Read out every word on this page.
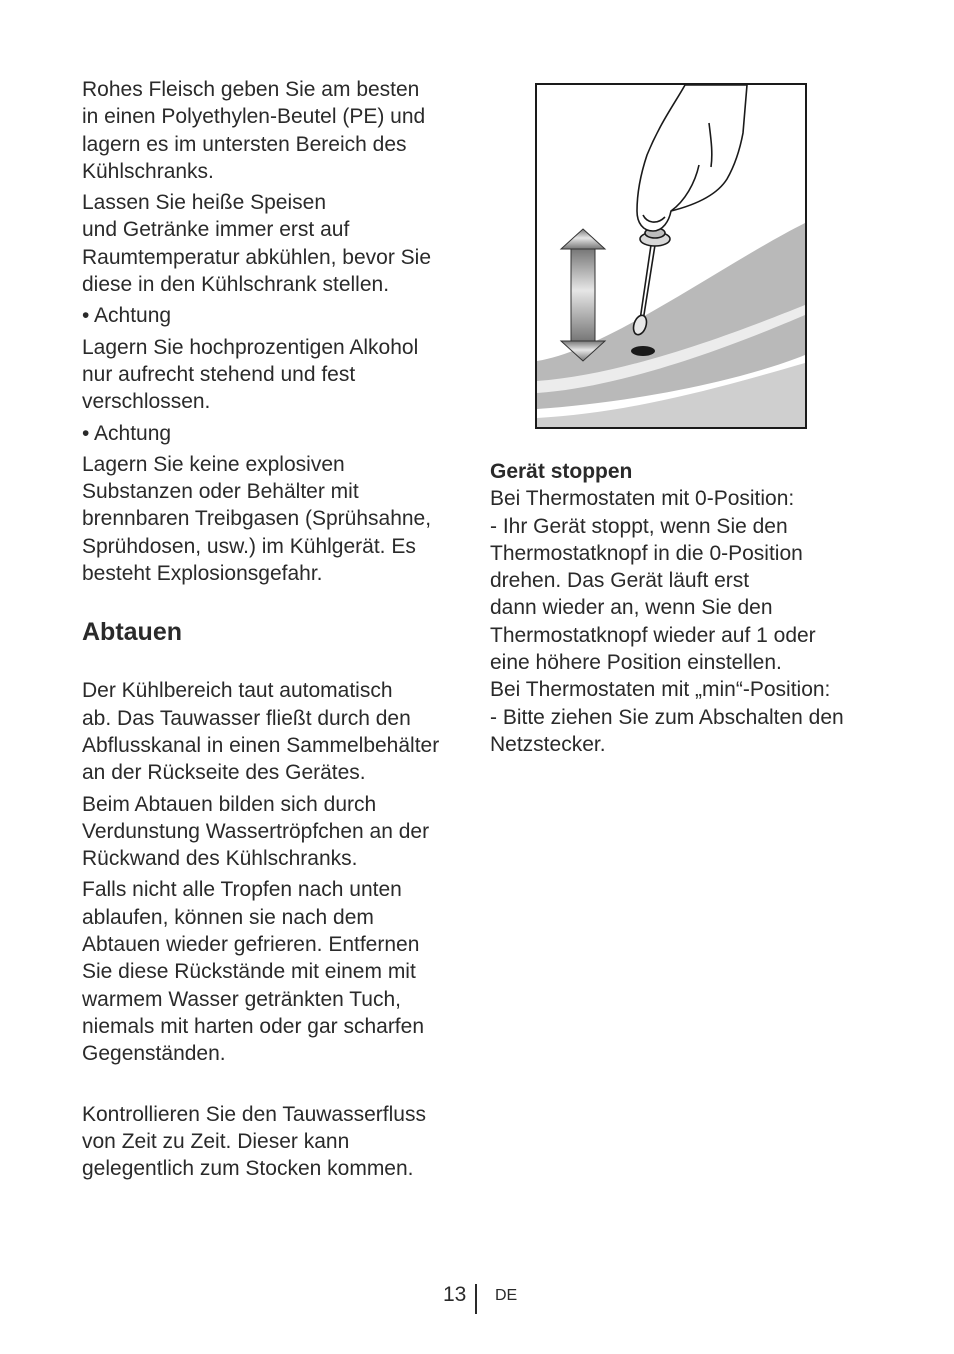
Rohes Fleisch geben Sie am besten
in einen Polyethylen-Beutel (PE) und
lagern es im untersten Bereich des
Kühlschranks.

Lassen Sie heiße Speisen
und Getränke immer erst auf
Raumtemperatur abkühlen, bevor Sie
diese in den Kühlschrank stellen.

• Achtung

Lagern Sie hochprozentigen Alkohol
nur aufrecht stehend und fest
verschlossen.

• Achtung

Lagern Sie keine explosiven
Substanzen oder Behälter mit
brennbaren Treibgasen (Sprühsahne,
Sprühdosen, usw.) im Kühlgerät. Es
besteht Explosionsgefahr.

Abtauen

Der Kühlbereich taut automatisch
ab. Das Tauwasser fließt durch den
Abflusskanal in einen Sammelbehälter
an der Rückseite des Gerätes.

Beim Abtauen bilden sich durch
Verdunstung Wassertröpfchen an der
Rückwand des Kühlschranks.

Falls nicht alle Tropfen nach unten
ablaufen, können sie nach dem
Abtauen wieder gefrieren. Entfernen
Sie diese Rückstände mit einem mit
warmem Wasser getränkten Tuch,
niemals mit harten oder gar scharfen
Gegenständen.

Kontrollieren Sie den Tauwasserfluss
von Zeit zu Zeit. Dieser kann
gelegentlich zum Stocken kommen.

Gerät stoppen

Bei Thermostaten mit 0-Position:
- Ihr Gerät stoppt, wenn Sie den
Thermostatknopf in die 0-Position
drehen. Das Gerät läuft erst
dann wieder an, wenn Sie den
Thermostatknopf wieder auf 1 oder
eine höhere Position einstellen.
Bei Thermostaten mit „min“-Position:
- Bitte ziehen Sie zum Abschalten den
Netzstecker.

13 DE
